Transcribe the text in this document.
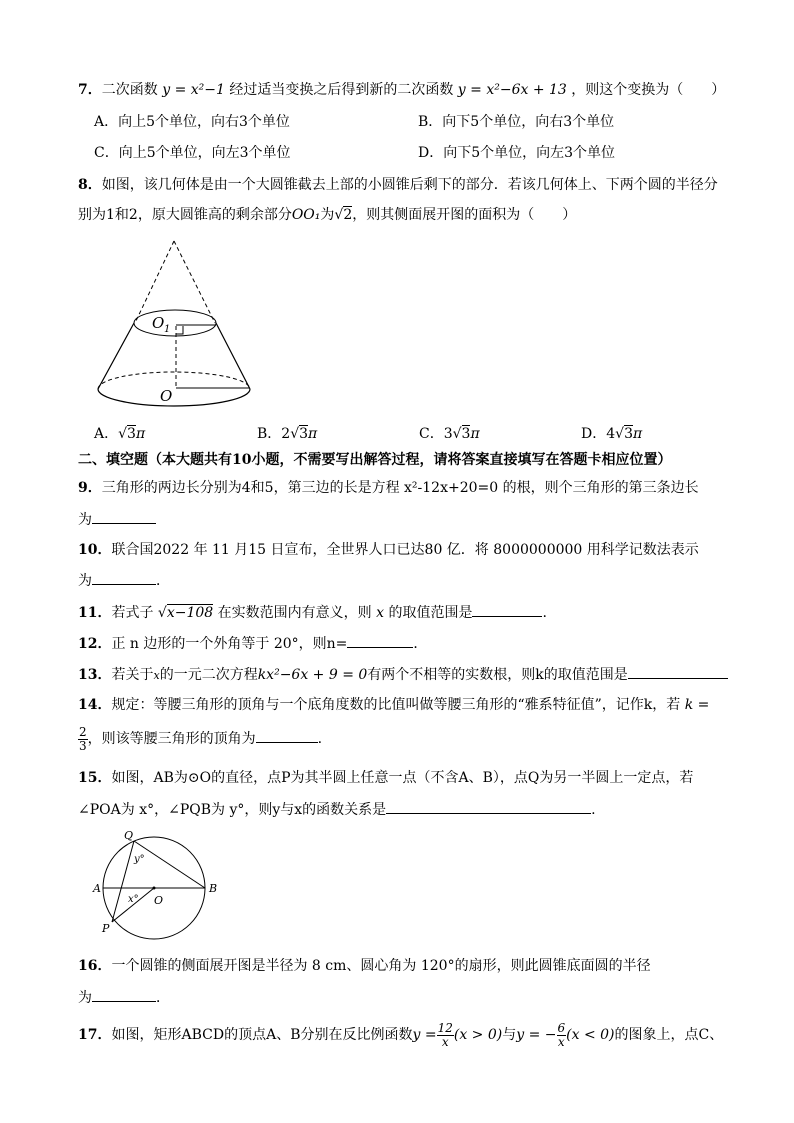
7．二次函数 y = x²−1 经过适当变换之后得到新的二次函数 y = x²−6x + 13 ，则这个变换为（　　）
A．向上5个单位，向右3个单位	B．向下5个单位，向右3个单位
C．向上5个单位，向左3个单位	D．向下5个单位，向左3个单位
8．如图，该几何体是由一个大圆锥截去上部的小圆锥后剩下的部分．若该几何体上、下两个圆的半径分
别为1和2，原大圆锥高的剩余部分OO₁为√2，则其侧面展开图的面积为（　　）
O 1
O
A．√3π	B．2√3π	C．3√3π	D．4√3π
二、填空题（本大题共有10小题，不需要写出解答过程，请将答案直接填写在答题卡相应位置）
9．三角形的两边长分别为4和5，第三边的长是方程 x²-12x+20=0 的根，则个三角形的第三条边长
为
10．联合国2022 年 11 月15 日宣布，全世界人口已达80 亿．将 8000000000 用科学记数法表示
为	．
11．若式子 √x−108 在实数范围内有意义，则 x 的取值范围是	.
12．正 n 边形的一个外角等于 20°，则n=	．
13．若关于x的一元二次方程kx²−6x + 9 = 0有两个不相等的实数根，则k的取值范围是
14．规定：等腰三角形的顶角与一个底角度数的比值叫做等腰三角形的“雅系特征值”，记作k，若 k =
$\frac{2}{3}$ ，则该等腰三角形的顶角为	.
15．如图，AB为⊙O的直径，点P为其半圆上任意一点（不含A、B），点Q为另一半圆上一定点，若
∠POA为 x°，∠PQB为 y°，则y与x的函数关系是	.
Q
y°
A	B
x° O
P
16．一个圆锥的侧面展开图是半径为 8 cm、圆心角为 120°的扇形，则此圆锥底面圆的半径
为	．
17．如图，矩形ABCD的顶点A、B分别在反比例函数$y = \frac{12}{x} (x > 0)$与y = − $\frac{6}{x} (x < 0)$的图象上，点C、
